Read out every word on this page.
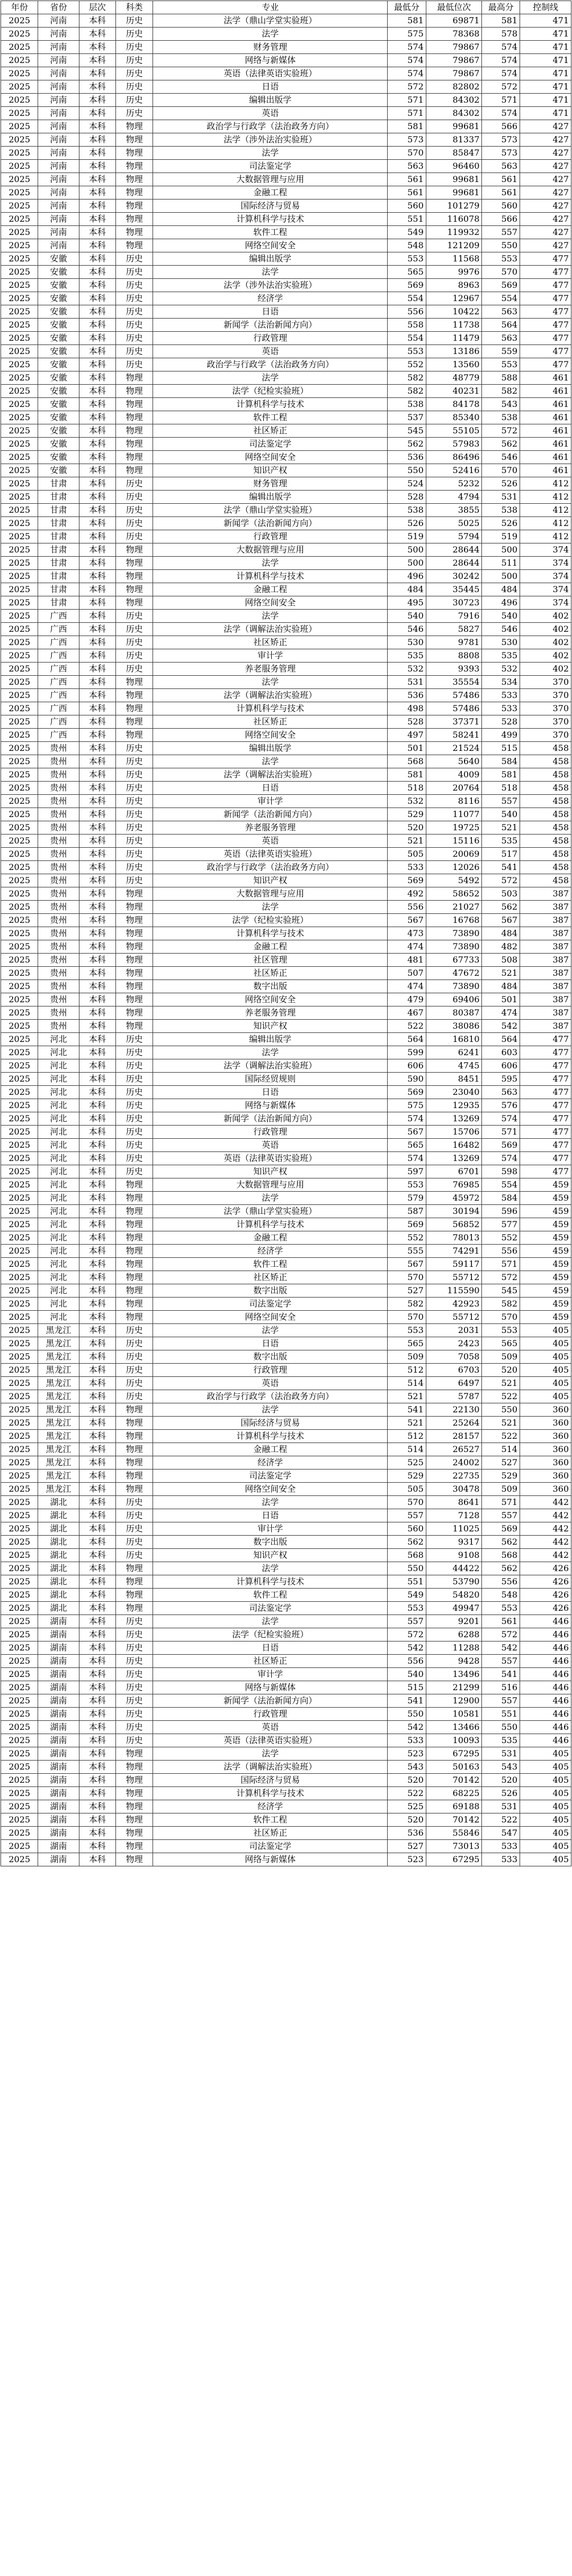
年份	省份	层次	科类	专业	最低分	最低位次	最高分	控制线
2025	河南	本科	历史	法学（鼎山学堂实验班）	581	69871	581	471
2025	河南	本科	历史	法学	575	78368	578	471
2025	河南	本科	历史	财务管理	574	79867	574	471
2025	河南	本科	历史	网络与新媒体	574	79867	574	471
2025	河南	本科	历史	英语（法律英语实验班）	574	79867	574	471
2025	河南	本科	历史	日语	572	82802	572	471
2025	河南	本科	历史	编辑出版学	571	84302	571	471
2025	河南	本科	历史	英语	571	84302	574	471
2025	河南	本科	物理	政治学与行政学（法治政务方向）	581	99681	566	427
2025	河南	本科	物理	法学（涉外法治实验班）	573	81337	573	427
2025	河南	本科	物理	法学	570	85847	573	427
2025	河南	本科	物理	司法鉴定学	563	96460	563	427
2025	河南	本科	物理	大数据管理与应用	561	99681	561	427
2025	河南	本科	物理	金融工程	561	99681	561	427
2025	河南	本科	物理	国际经济与贸易	560	101279	560	427
2025	河南	本科	物理	计算机科学与技术	551	116078	566	427
2025	河南	本科	物理	软件工程	549	119932	557	427
2025	河南	本科	物理	网络空间安全	548	121209	550	427
2025	安徽	本科	历史	编辑出版学	553	11568	553	477
2025	安徽	本科	历史	法学	565	9976	570	477
2025	安徽	本科	历史	法学（涉外法治实验班）	569	8963	569	477
2025	安徽	本科	历史	经济学	554	12967	554	477
2025	安徽	本科	历史	日语	556	10422	563	477
2025	安徽	本科	历史	新闻学（法治新闻方向）	558	11738	564	477
2025	安徽	本科	历史	行政管理	554	11479	563	477
2025	安徽	本科	历史	英语	553	13186	559	477
2025	安徽	本科	历史	政治学与行政学（法治政务方向）	552	13560	553	477
2025	安徽	本科	物理	法学	582	48779	588	461
2025	安徽	本科	物理	法学（纪检实验班）	582	40231	582	461
2025	安徽	本科	物理	计算机科学与技术	538	84178	543	461
2025	安徽	本科	物理	软件工程	537	85340	538	461
2025	安徽	本科	物理	社区矫正	545	55105	572	461
2025	安徽	本科	物理	司法鉴定学	562	57983	562	461
2025	安徽	本科	物理	网络空间安全	536	86496	546	461
2025	安徽	本科	物理	知识产权	550	52416	570	461
2025	甘肃	本科	历史	财务管理	524	5232	526	412
2025	甘肃	本科	历史	编辑出版学	528	4794	531	412
2025	甘肃	本科	历史	法学（鼎山学堂实验班）	538	3855	538	412
2025	甘肃	本科	历史	新闻学（法治新闻方向）	526	5025	526	412
2025	甘肃	本科	历史	行政管理	519	5794	519	412
2025	甘肃	本科	物理	大数据管理与应用	500	28644	500	374
2025	甘肃	本科	物理	法学	500	28644	511	374
2025	甘肃	本科	物理	计算机科学与技术	496	30242	500	374
2025	甘肃	本科	物理	金融工程	484	35445	484	374
2025	甘肃	本科	物理	网络空间安全	495	30723	496	374
2025	广西	本科	历史	法学	540	7916	540	402
2025	广西	本科	历史	法学（调解法治实验班）	546	5827	546	402
2025	广西	本科	历史	社区矫正	530	9781	530	402
2025	广西	本科	历史	审计学	535	8808	535	402
2025	广西	本科	历史	养老服务管理	532	9393	532	402
2025	广西	本科	物理	法学	531	35554	534	370
2025	广西	本科	物理	法学（调解法治实验班）	536	57486	533	370
2025	广西	本科	物理	计算机科学与技术	498	57486	533	370
2025	广西	本科	物理	社区矫正	528	37371	528	370
2025	广西	本科	物理	网络空间安全	497	58241	499	370
2025	贵州	本科	历史	编辑出版学	501	21524	515	458
2025	贵州	本科	历史	法学	568	5640	584	458
2025	贵州	本科	历史	法学（调解法治实验班）	581	4009	581	458
2025	贵州	本科	历史	日语	518	20764	518	458
2025	贵州	本科	历史	审计学	532	8116	557	458
2025	贵州	本科	历史	新闻学（法治新闻方向）	529	11077	540	458
2025	贵州	本科	历史	养老服务管理	520	19725	521	458
2025	贵州	本科	历史	英语	521	15116	535	458
2025	贵州	本科	历史	英语（法律英语实验班）	505	20069	517	458
2025	贵州	本科	历史	政治学与行政学（法治政务方向）	533	12026	541	458
2025	贵州	本科	历史	知识产权	569	5492	572	458
2025	贵州	本科	物理	大数据管理与应用	492	58652	503	387
2025	贵州	本科	物理	法学	556	21027	562	387
2025	贵州	本科	物理	法学（纪检实验班）	567	16768	567	387
2025	贵州	本科	物理	计算机科学与技术	473	73890	484	387
2025	贵州	本科	物理	金融工程	474	73890	482	387
2025	贵州	本科	物理	社区管理	481	67733	508	387
2025	贵州	本科	物理	社区矫正	507	47672	521	387
2025	贵州	本科	物理	数字出版	474	73890	484	387
2025	贵州	本科	物理	网络空间安全	479	69406	501	387
2025	贵州	本科	物理	养老服务管理	467	80387	474	387
2025	贵州	本科	物理	知识产权	522	38086	542	387
2025	河北	本科	历史	编辑出版学	564	16810	564	477
2025	河北	本科	历史	法学	599	6241	603	477
2025	河北	本科	历史	法学（调解法治实验班）	606	4745	606	477
2025	河北	本科	历史	国际经贸规则	590	8451	595	477
2025	河北	本科	历史	日语	569	23040	563	477
2025	河北	本科	历史	网络与新媒体	575	12935	576	477
2025	河北	本科	历史	新闻学（法治新闻方向）	574	13269	574	477
2025	河北	本科	历史	行政管理	567	15706	571	477
2025	河北	本科	历史	英语	565	16482	569	477
2025	河北	本科	历史	英语（法律英语实验班）	574	13269	574	477
2025	河北	本科	历史	知识产权	597	6701	598	477
2025	河北	本科	物理	大数据管理与应用	553	76985	554	459
2025	河北	本科	物理	法学	579	45972	584	459
2025	河北	本科	物理	法学（鼎山学堂实验班）	587	30194	596	459
2025	河北	本科	物理	计算机科学与技术	569	56852	577	459
2025	河北	本科	物理	金融工程	552	78013	552	459
2025	河北	本科	物理	经济学	555	74291	556	459
2025	河北	本科	物理	软件工程	567	59117	571	459
2025	河北	本科	物理	社区矫正	570	55712	572	459
2025	河北	本科	物理	数字出版	527	115590	545	459
2025	河北	本科	物理	司法鉴定学	582	42923	582	459
2025	河北	本科	物理	网络空间安全	570	55712	570	459
2025	黑龙江	本科	历史	法学	553	2031	553	405
2025	黑龙江	本科	历史	日语	565	2423	565	405
2025	黑龙江	本科	历史	数字出版	509	7058	509	405
2025	黑龙江	本科	历史	行政管理	512	6703	520	405
2025	黑龙江	本科	历史	英语	514	6497	521	405
2025	黑龙江	本科	历史	政治学与行政学（法治政务方向）	521	5787	522	405
2025	黑龙江	本科	物理	法学	541	22130	550	360
2025	黑龙江	本科	物理	国际经济与贸易	521	25264	521	360
2025	黑龙江	本科	物理	计算机科学与技术	512	28157	522	360
2025	黑龙江	本科	物理	金融工程	514	26527	514	360
2025	黑龙江	本科	物理	经济学	525	24002	527	360
2025	黑龙江	本科	物理	司法鉴定学	529	22735	529	360
2025	黑龙江	本科	物理	网络空间安全	505	30478	509	360
2025	湖北	本科	历史	法学	570	8641	571	442
2025	湖北	本科	历史	日语	557	7128	557	442
2025	湖北	本科	历史	审计学	560	11025	569	442
2025	湖北	本科	历史	数字出版	562	9317	562	442
2025	湖北	本科	历史	知识产权	568	9108	568	442
2025	湖北	本科	物理	法学	550	44422	562	426
2025	湖北	本科	物理	计算机科学与技术	551	53790	556	426
2025	湖北	本科	物理	软件工程	549	54820	548	426
2025	湖北	本科	物理	司法鉴定学	553	49947	553	426
2025	湖南	本科	历史	法学	557	9201	561	446
2025	湖南	本科	历史	法学（纪检实验班）	572	6288	572	446
2025	湖南	本科	历史	日语	542	11288	542	446
2025	湖南	本科	历史	社区矫正	556	9428	557	446
2025	湖南	本科	历史	审计学	540	13496	541	446
2025	湖南	本科	历史	网络与新媒体	515	21299	516	446
2025	湖南	本科	历史	新闻学（法治新闻方向）	541	12900	557	446
2025	湖南	本科	历史	行政管理	550	10581	551	446
2025	湖南	本科	历史	英语	542	13466	550	446
2025	湖南	本科	历史	英语（法律英语实验班）	533	10093	535	446
2025	湖南	本科	物理	法学	523	67295	531	405
2025	湖南	本科	物理	法学（调解法治实验班）	543	50163	543	405
2025	湖南	本科	物理	国际经济与贸易	520	70142	520	405
2025	湖南	本科	物理	计算机科学与技术	522	68225	526	405
2025	湖南	本科	物理	经济学	525	69188	531	405
2025	湖南	本科	物理	软件工程	520	70142	522	405
2025	湖南	本科	物理	社区矫正	536	55846	547	405
2025	湖南	本科	物理	司法鉴定学	527	73013	533	405
2025	湖南	本科	物理	网络与新媒体	523	67295	533	405
